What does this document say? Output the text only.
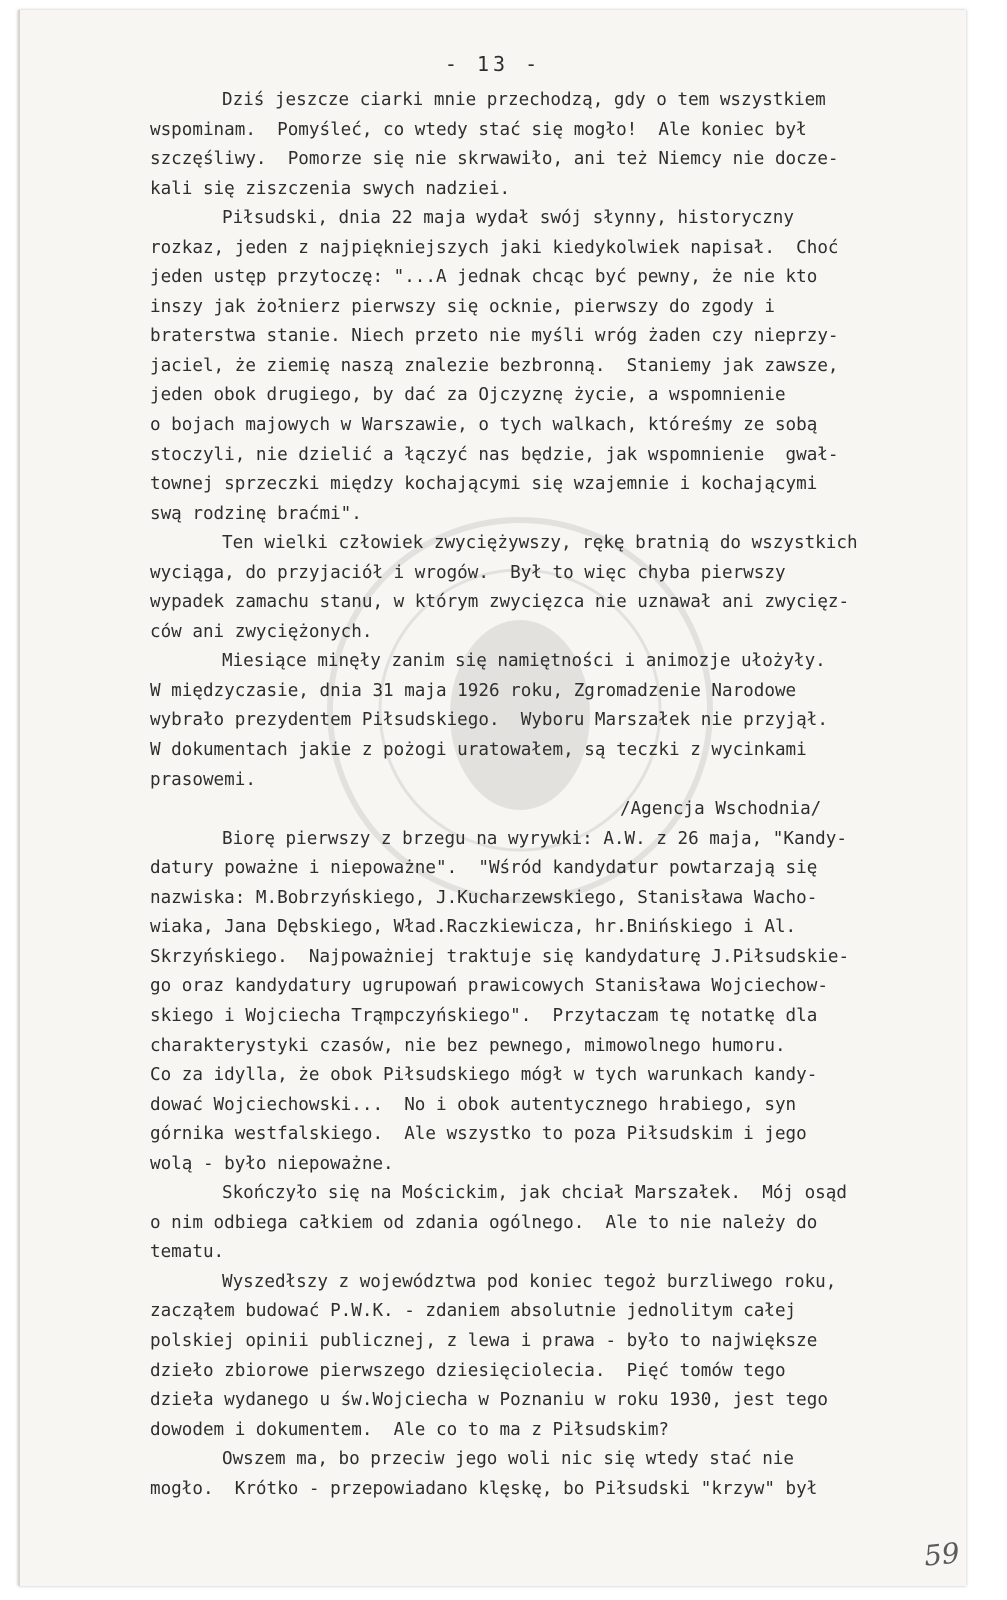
- 13 -
Dziś jeszcze ciarki mnie przechodzą, gdy o tem wszystkiem
wspominam.  Pomyśleć, co wtedy stać się mogło!  Ale koniec był
szczęśliwy.  Pomorze się nie skrwawiło, ani też Niemcy nie docze-
kali się ziszczenia swych nadziei.
Piłsudski, dnia 22 maja wydał swój słynny, historyczny
rozkaz, jeden z najpiękniejszych jaki kiedykolwiek napisał.  Choć
jeden ustęp przytoczę: "...A jednak chcąc być pewny, że nie kto
inszy jak żołnierz pierwszy się ocknie, pierwszy do zgody i
braterstwa stanie. Niech przeto nie myśli wróg żaden czy nieprzy-
jaciel, że ziemię naszą znalezie bezbronną.  Staniemy jak zawsze,
jeden obok drugiego, by dać za Ojczyznę życie, a wspomnienie
o bojach majowych w Warszawie, o tych walkach, któreśmy ze sobą
stoczyli, nie dzielić a łączyć nas będzie, jak wspomnienie  gwał-
townej sprzeczki między kochającymi się wzajemnie i kochającymi
swą rodzinę braćmi".
Ten wielki człowiek zwyciężywszy, rękę bratnią do wszystkich
wyciąga, do przyjaciół i wrogów.  Był to więc chyba pierwszy
wypadek zamachu stanu, w którym zwycięzca nie uznawał ani zwycięz-
ców ani zwyciężonych.
Miesiące minęły zanim się namiętności i animozje ułożyły.
W międzyczasie, dnia 31 maja 1926 roku, Zgromadzenie Narodowe
wybrało prezydentem Piłsudskiego.  Wyboru Marszałek nie przyjął.
W dokumentach jakie z pożogi uratowałem, są teczki z wycinkami
prasowemi.
/Agencja Wschodnia/
Biorę pierwszy z brzegu na wyrywki: A.W. z 26 maja, "Kandy-
datury poważne i niepoważne".  "Wśród kandydatur powtarzają się
nazwiska: M.Bobrzyńskiego, J.Kucharzewskiego, Stanisława Wacho-
wiaka, Jana Dębskiego, Wład.Raczkiewicza, hr.Bnińskiego i Al.
Skrzyńskiego.  Najpoważniej traktuje się kandydaturę J.Piłsudskie-
go oraz kandydatury ugrupowań prawicowych Stanisława Wojciechow-
skiego i Wojciecha Trąmpczyńskiego".  Przytaczam tę notatkę dla
charakterystyki czasów, nie bez pewnego, mimowolnego humoru.
Co za idylla, że obok Piłsudskiego mógł w tych warunkach kandy-
dować Wojciechowski...  No i obok autentycznego hrabiego, syn
górnika westfalskiego.  Ale wszystko to poza Piłsudskim i jego
wolą - było niepoważne.
Skończyło się na Mościckim, jak chciał Marszałek.  Mój osąd
o nim odbiega całkiem od zdania ogólnego.  Ale to nie należy do
tematu.
Wyszedłszy z województwa pod koniec tegoż burzliwego roku,
zacząłem budować P.W.K. - zdaniem absolutnie jednolitym całej
polskiej opinii publicznej, z lewa i prawa - było to największe
dzieło zbiorowe pierwszego dziesięciolecia.  Pięć tomów tego
dzieła wydanego u św.Wojciecha w Poznaniu w roku 1930, jest tego
dowodem i dokumentem.  Ale co to ma z Piłsudskim?
Owszem ma, bo przeciw jego woli nic się wtedy stać nie
mogło.  Krótko - przepowiadano klęskę, bo Piłsudski "krzyw" był
59
